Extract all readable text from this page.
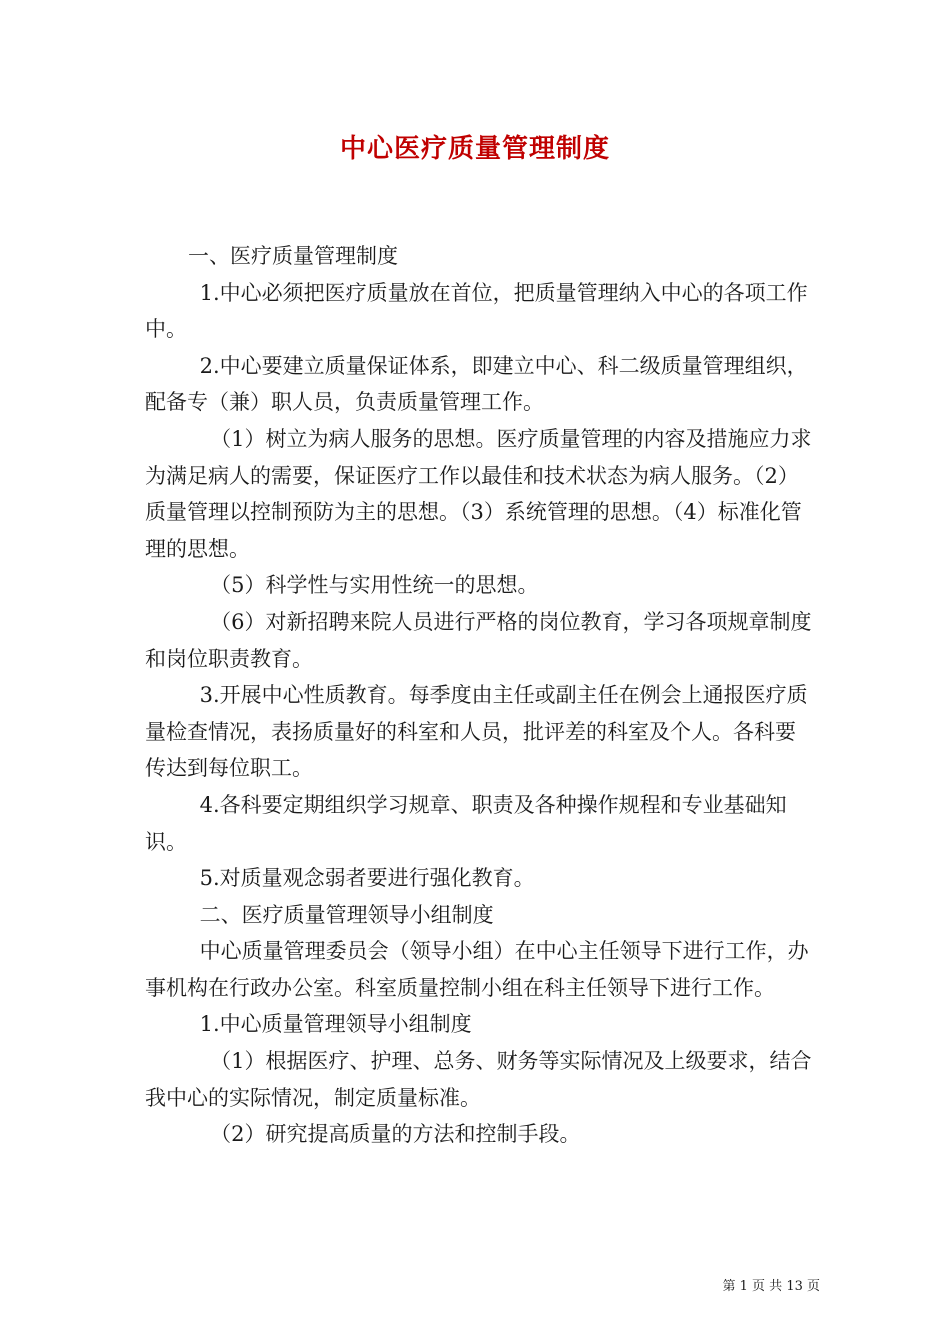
中心医疗质量管理制度

一、医疗质量管理制度

1.中心必须把医疗质量放在首位，把质量管理纳入中心的各项工作中。

2.中心要建立质量保证体系，即建立中心、科二级质量管理组织，配备专（兼）职人员，负责质量管理工作。

（1）树立为病人服务的思想。医疗质量管理的内容及措施应力求为满足病人的需要，保证医疗工作以最佳和技术状态为病人服务。（2）质量管理以控制预防为主的思想。（3）系统管理的思想。（4）标准化管理的思想。

（5）科学性与实用性统一的思想。

（6）对新招聘来院人员进行严格的岗位教育，学习各项规章制度和岗位职责教育。

3.开展中心性质教育。每季度由主任或副主任在例会上通报医疗质量检查情况，表扬质量好的科室和人员，批评差的科室及个人。各科要传达到每位职工。

4.各科要定期组织学习规章、职责及各种操作规程和专业基础知识。

5.对质量观念弱者要进行强化教育。

二、医疗质量管理领导小组制度

中心质量管理委员会（领导小组）在中心主任领导下进行工作，办事机构在行政办公室。科室质量控制小组在科主任领导下进行工作。

1.中心质量管理领导小组制度

（1）根据医疗、护理、总务、财务等实际情况及上级要求，结合我中心的实际情况，制定质量标准。

（2）研究提高质量的方法和控制手段。

第 1 页 共 13 页
